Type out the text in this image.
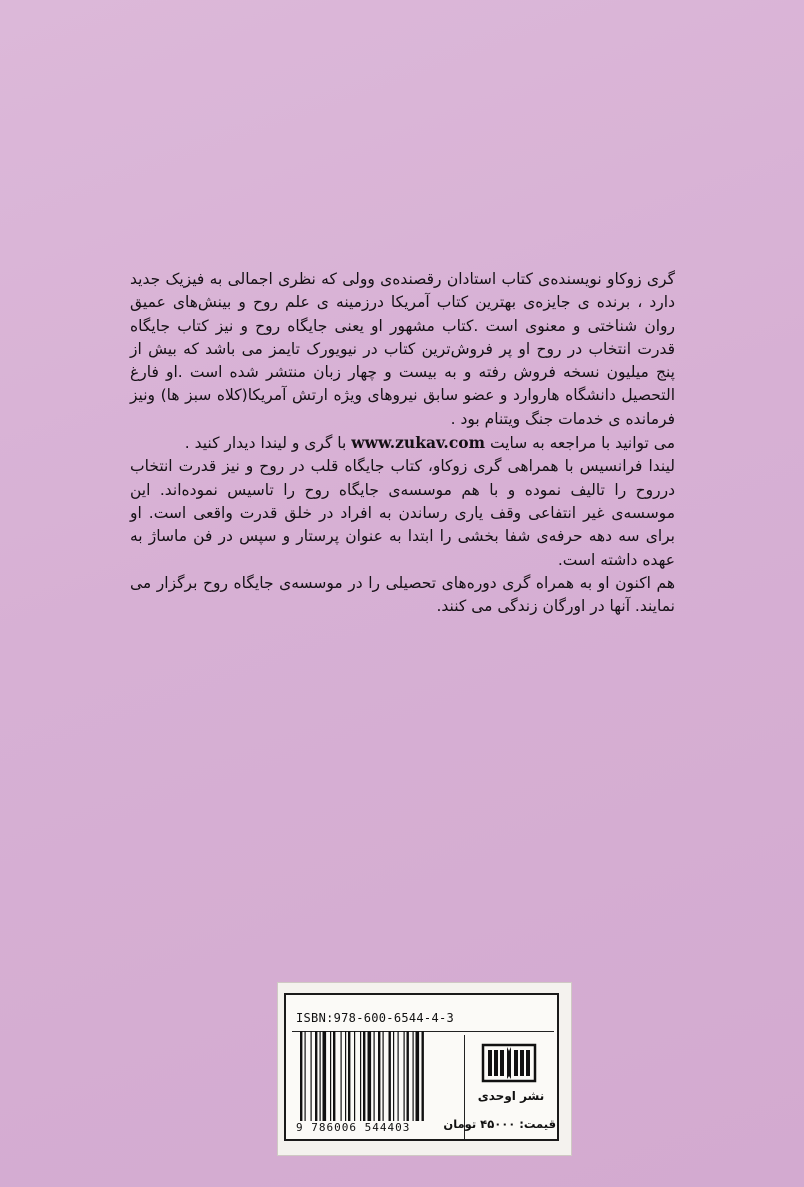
گری زوکاو نویسنده‌ی کتاب استادان رقصنده‌ی وولی که نظری اجمالی به فیزیک جدید دارد ، برنده ی جایزه‌ی بهترین کتاب آمریکا درزمینه ی علم روح و بینش‌های عمیق روان شناختی و معنوی است .کتاب مشهور او یعنی جایگاه روح و نیز کتاب جایگاه قدرت انتخاب در روح او پر فروش‌ترین کتاب در نیویورک تایمز می باشد که بیش از پنج میلیون نسخه فروش رفته و به بیست و چهار زبان منتشر شده است .او فارغ التحصیل دانشگاه هاروارد و عضو سابق نیروهای ویژه ارتش آمریکا(کلاه سبز ها) ونیز فرمانده ی خدمات جنگ ویتنام بود .

می توانید با مراجعه به سایت www.zukav.com با گری و لیندا دیدار کنید .

لیندا فرانسیس با همراهی گری زوکاو، کتاب جایگاه قلب در روح و نیز قدرت انتخاب درروح را تالیف نموده و با هم موسسه‌ی جایگاه روح را تاسیس نموده‌اند. این موسسه‌ی غیر انتفاعی وقف یاری رساندن به افراد در خلق قدرت واقعی است. او برای سه دهه حرفه‌ی شفا بخشی را ابتدا به عنوان پرستار و سپس در فن ماساژ به عهده داشته است.

هم اکنون او به همراه گری دوره‌های تحصیلی را در موسسه‌ی جایگاه روح برگزار می نمایند. آنها در اورگان زندگی می کنند.

ISBN:978-600-6544-4-3
9 786006 544403
نشر اوحدی
قیمت: ۴۵۰۰۰ تومان
